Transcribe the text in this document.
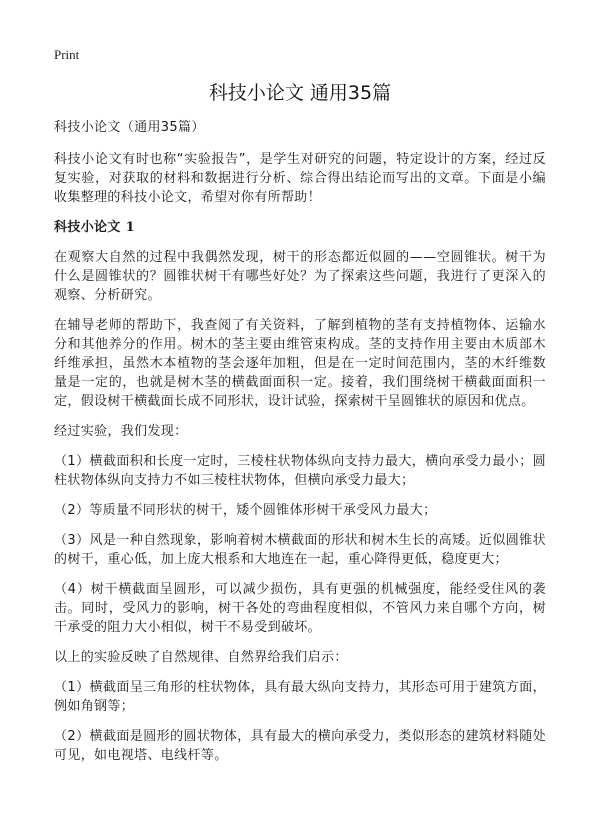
Print
科技小论文 通用35篇

科技小论文（通用35篇）

科技小论文有时也称“实验报告”，是学生对研究的问题，特定设计的方案，经过反复实验，对获取的材料和数据进行分析、综合得出结论而写出的文章。下面是小编收集整理的科技小论文，希望对你有所帮助！

科技小论文 1

在观察大自然的过程中我偶然发现，树干的形态都近似圆的——空圆锥状。树干为什么是圆锥状的？圆锥状树干有哪些好处？为了探索这些问题，我进行了更深入的观察、分析研究。

在辅导老师的帮助下，我查阅了有关资料，了解到植物的茎有支持植物体、运输水分和其他养分的作用。树木的茎主要由维管束构成。茎的支持作用主要由木质部木纤维承担，虽然木本植物的茎会逐年加粗，但是在一定时间范围内，茎的木纤维数量是一定的，也就是树木茎的横截面面积一定。接着，我们围绕树干横截面面积一定，假设树干横截面长成不同形状，设计试验，探索树干呈圆锥状的原因和优点。

经过实验，我们发现：

（1）横截面积和长度一定时，三棱柱状物体纵向支持力最大，横向承受力最小；圆柱状物体纵向支持力不如三棱柱状物体，但横向承受力最大；

（2）等质量不同形状的树干，矮个圆锥体形树干承受风力最大；

（3）风是一种自然现象，影响着树木横截面的形状和树木生长的高矮。近似圆锥状的树干，重心低，加上庞大根系和大地连在一起，重心降得更低，稳度更大；

（4）树干横截面呈圆形，可以减少损伤，具有更强的机械强度，能经受住风的袭击。同时，受风力的影响，树干各处的弯曲程度相似，不管风力来自哪个方向，树干承受的阻力大小相似，树干不易受到破坏。

以上的实验反映了自然规律、自然界给我们启示：

（1）横截面呈三角形的柱状物体，具有最大纵向支持力，其形态可用于建筑方面，例如角钢等；

（2）横截面是圆形的圆状物体，具有最大的横向承受力，类似形态的建筑材料随处可见，如电视塔、电线杆等。
